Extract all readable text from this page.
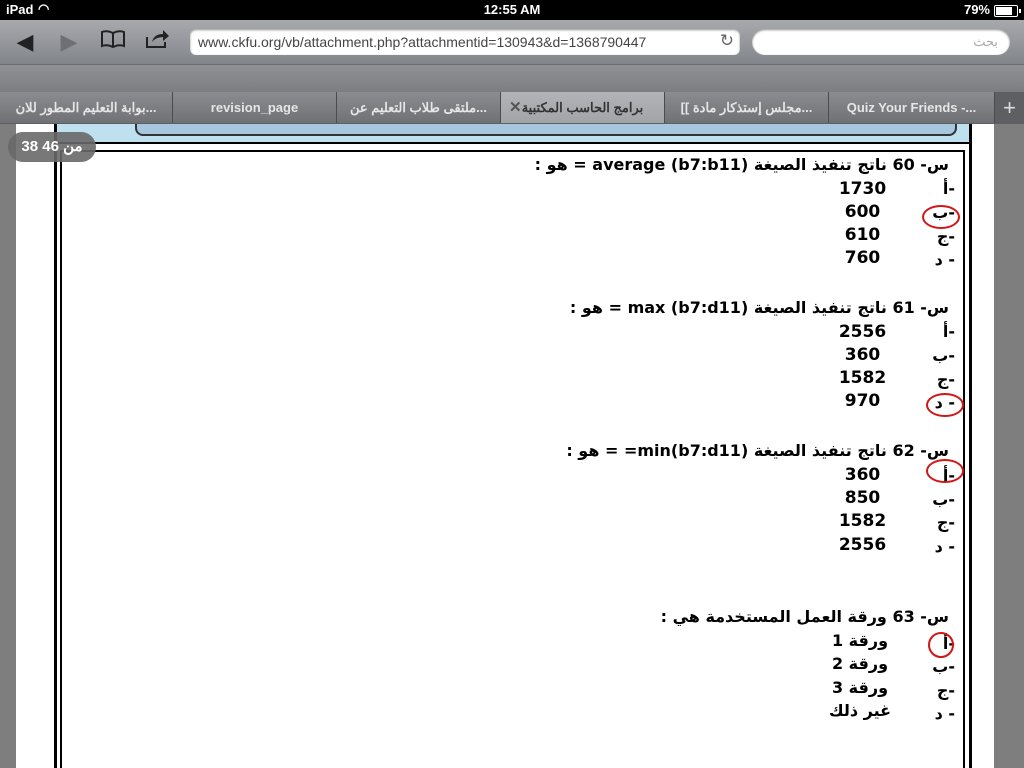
iPad ◠	12:55 AM	79%
◀ ▶	www.ckfu.org/vb/attachment.php?attachmentid=130943&d=1368790447	↻	بحث
بوابة التعليم المطور للان...	revision_page	ملتقى طلاب التعليم عن...	✕ برامج الحاسب المكتبية	[[ مجلس إستذكار مادة...	Quiz Your Friends -...	+
38 من 46
س- 60 ناتج تنفيذ الصيغة (average (b7:b11 = هو :
أ-
1730
ب-
600
ج-
610
د -
760
س- 61 ناتج تنفيذ الصيغة (max (b7:d11 = هو :
أ-
2556
ب-
360
ج-
1582
د -
970
س- 62 ناتج تنفيذ الصيغة (min(b7:d11= = هو :
أ-
360
ب-
850
ج-
1582
د -
2556
س- 63 ورقة العمل المستخدمة هي :
أ-
ورقة 1
ب-
ورقة 2
ج-
ورقة 3
د -
غير ذلك
